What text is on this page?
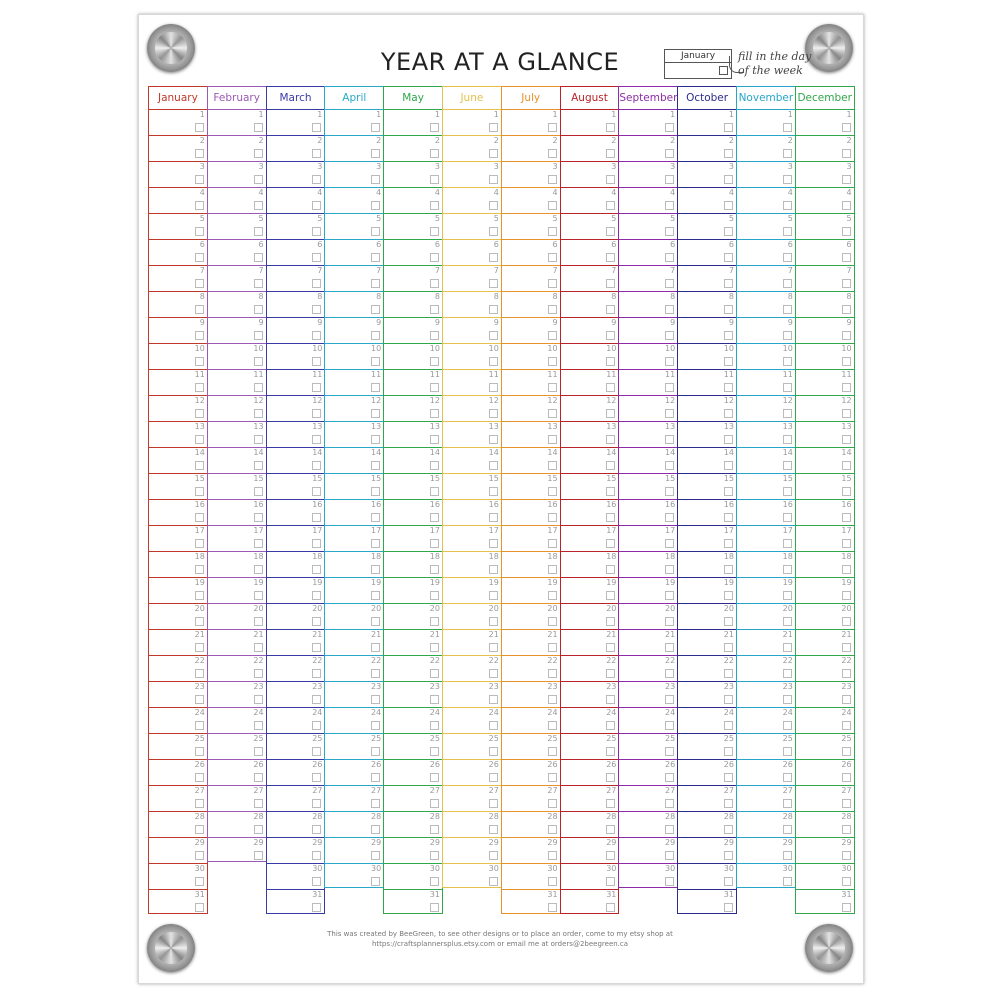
YEAR AT A GLANCE	January	fill in the day of the week
January
1
2
3
4
5
6
7
8
9
10
11
12
13
14
15
16
17
18
19
20
21
22
23
24
25
26
27
28
29
30
31
February
1
2
3
4
5
6
7
8
9
10
11
12
13
14
15
16
17
18
19
20
21
22
23
24
25
26
27
28
29
March
1
2
3
4
5
6
7
8
9
10
11
12
13
14
15
16
17
18
19
20
21
22
23
24
25
26
27
28
29
30
31
April
1
2
3
4
5
6
7
8
9
10
11
12
13
14
15
16
17
18
19
20
21
22
23
24
25
26
27
28
29
30
May
1
2
3
4
5
6
7
8
9
10
11
12
13
14
15
16
17
18
19
20
21
22
23
24
25
26
27
28
29
30
31
June
1
2
3
4
5
6
7
8
9
10
11
12
13
14
15
16
17
18
19
20
21
22
23
24
25
26
27
28
29
30
July
1
2
3
4
5
6
7
8
9
10
11
12
13
14
15
16
17
18
19
20
21
22
23
24
25
26
27
28
29
30
31
August
1
2
3
4
5
6
7
8
9
10
11
12
13
14
15
16
17
18
19
20
21
22
23
24
25
26
27
28
29
30
31
September
1
2
3
4
5
6
7
8
9
10
11
12
13
14
15
16
17
18
19
20
21
22
23
24
25
26
27
28
29
30
October
1
2
3
4
5
6
7
8
9
10
11
12
13
14
15
16
17
18
19
20
21
22
23
24
25
26
27
28
29
30
31
November
1
2
3
4
5
6
7
8
9
10
11
12
13
14
15
16
17
18
19
20
21
22
23
24
25
26
27
28
29
30
December
1
2
3
4
5
6
7
8
9
10
11
12
13
14
15
16
17
18
19
20
21
22
23
24
25
26
27
28
29
30
31
This was created by BeeGreen, to see other designs or to place an order, come to my etsy shop at
https://craftsplannersplus.etsy.com or email me at orders@2beegreen.ca
